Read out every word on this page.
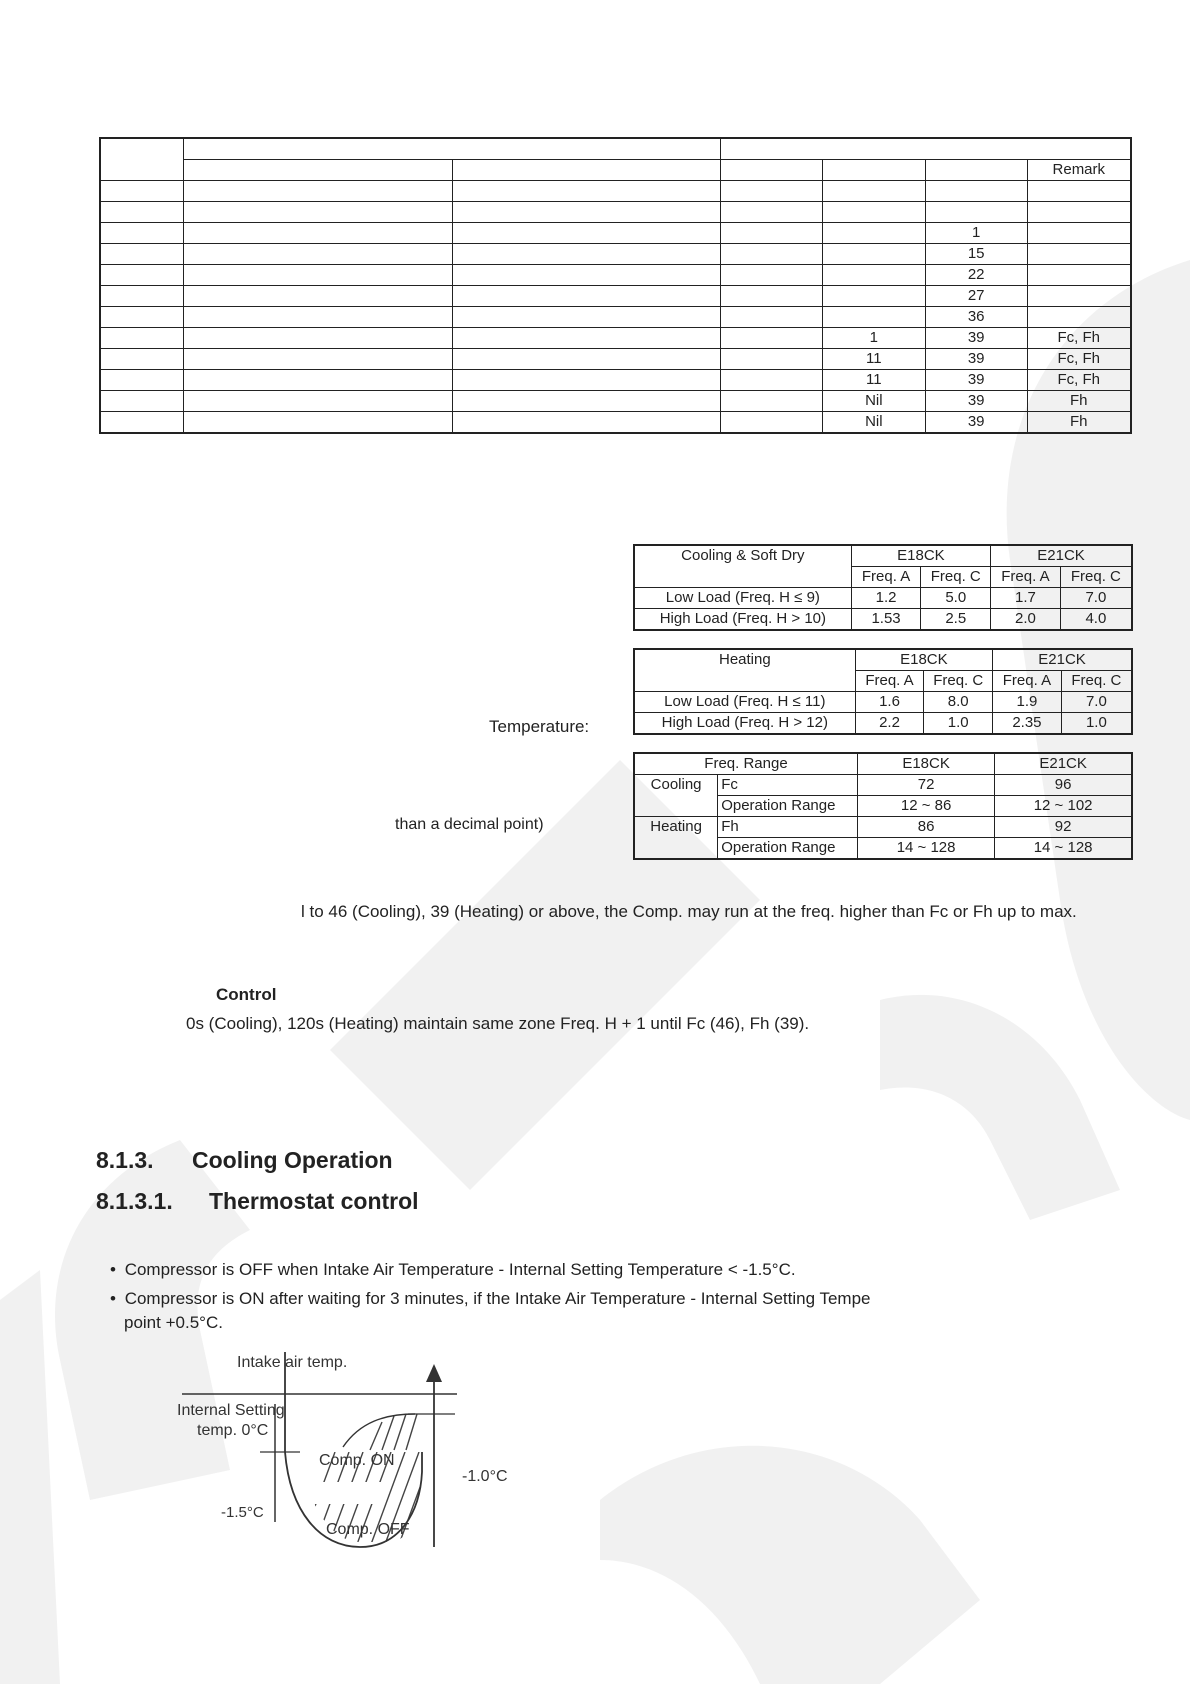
						Remark

					1	
					15	
					22	
					27	
					36	
				1	39	Fc, Fh
				11	39	Fc, Fh
				11	39	Fc, Fh
				Nil	39	Fh
				Nil	39	Fh
Cooling & Soft Dry	E18CK		E21CK	
	Freq. A	Freq. C	Freq. A	Freq. C
Low Load (Freq. H ≤ 9)	1.2	5.0	1.7	7.0
High Load (Freq. H > 10)	1.53	2.5	2.0	4.0
Heating	E18CK		E21CK	
	Freq. A	Freq. C	Freq. A	Freq. C
Low Load (Freq. H ≤ 11)	1.6	8.0	1.9	7.0
High Load (Freq. H > 12)	2.2	1.0	2.35	1.0
Freq. Range		E18CK	E21CK
Cooling	Fc	72	96
	Operation Range	12 ~ 86	12 ~ 102
Heating	Fh	86	92
	Operation Range	14 ~ 128	14 ~ 128
Temperature:
than a decimal point)
l to 46 (Cooling), 39 (Heating) or above, the Comp. may run at the freq. higher than Fc or Fh up to max.
Control
0s (Cooling), 120s (Heating) maintain same zone Freq. H + 1 until Fc (46), Fh (39).
8.1.3. Cooling Operation
8.1.3.1. Thermostat control
• Compressor is OFF when Intake Air Temperature - Internal Setting Temperature < -1.5°C.
• Compressor is ON after waiting for 3 minutes, if the Intake Air Temperature - Internal Setting Tempe
point +0.5°C.
Intake air temp.
Internal Setting
temp. 0°C
Comp. ON
Comp. OFF
-1.0°C
-1.5°C
